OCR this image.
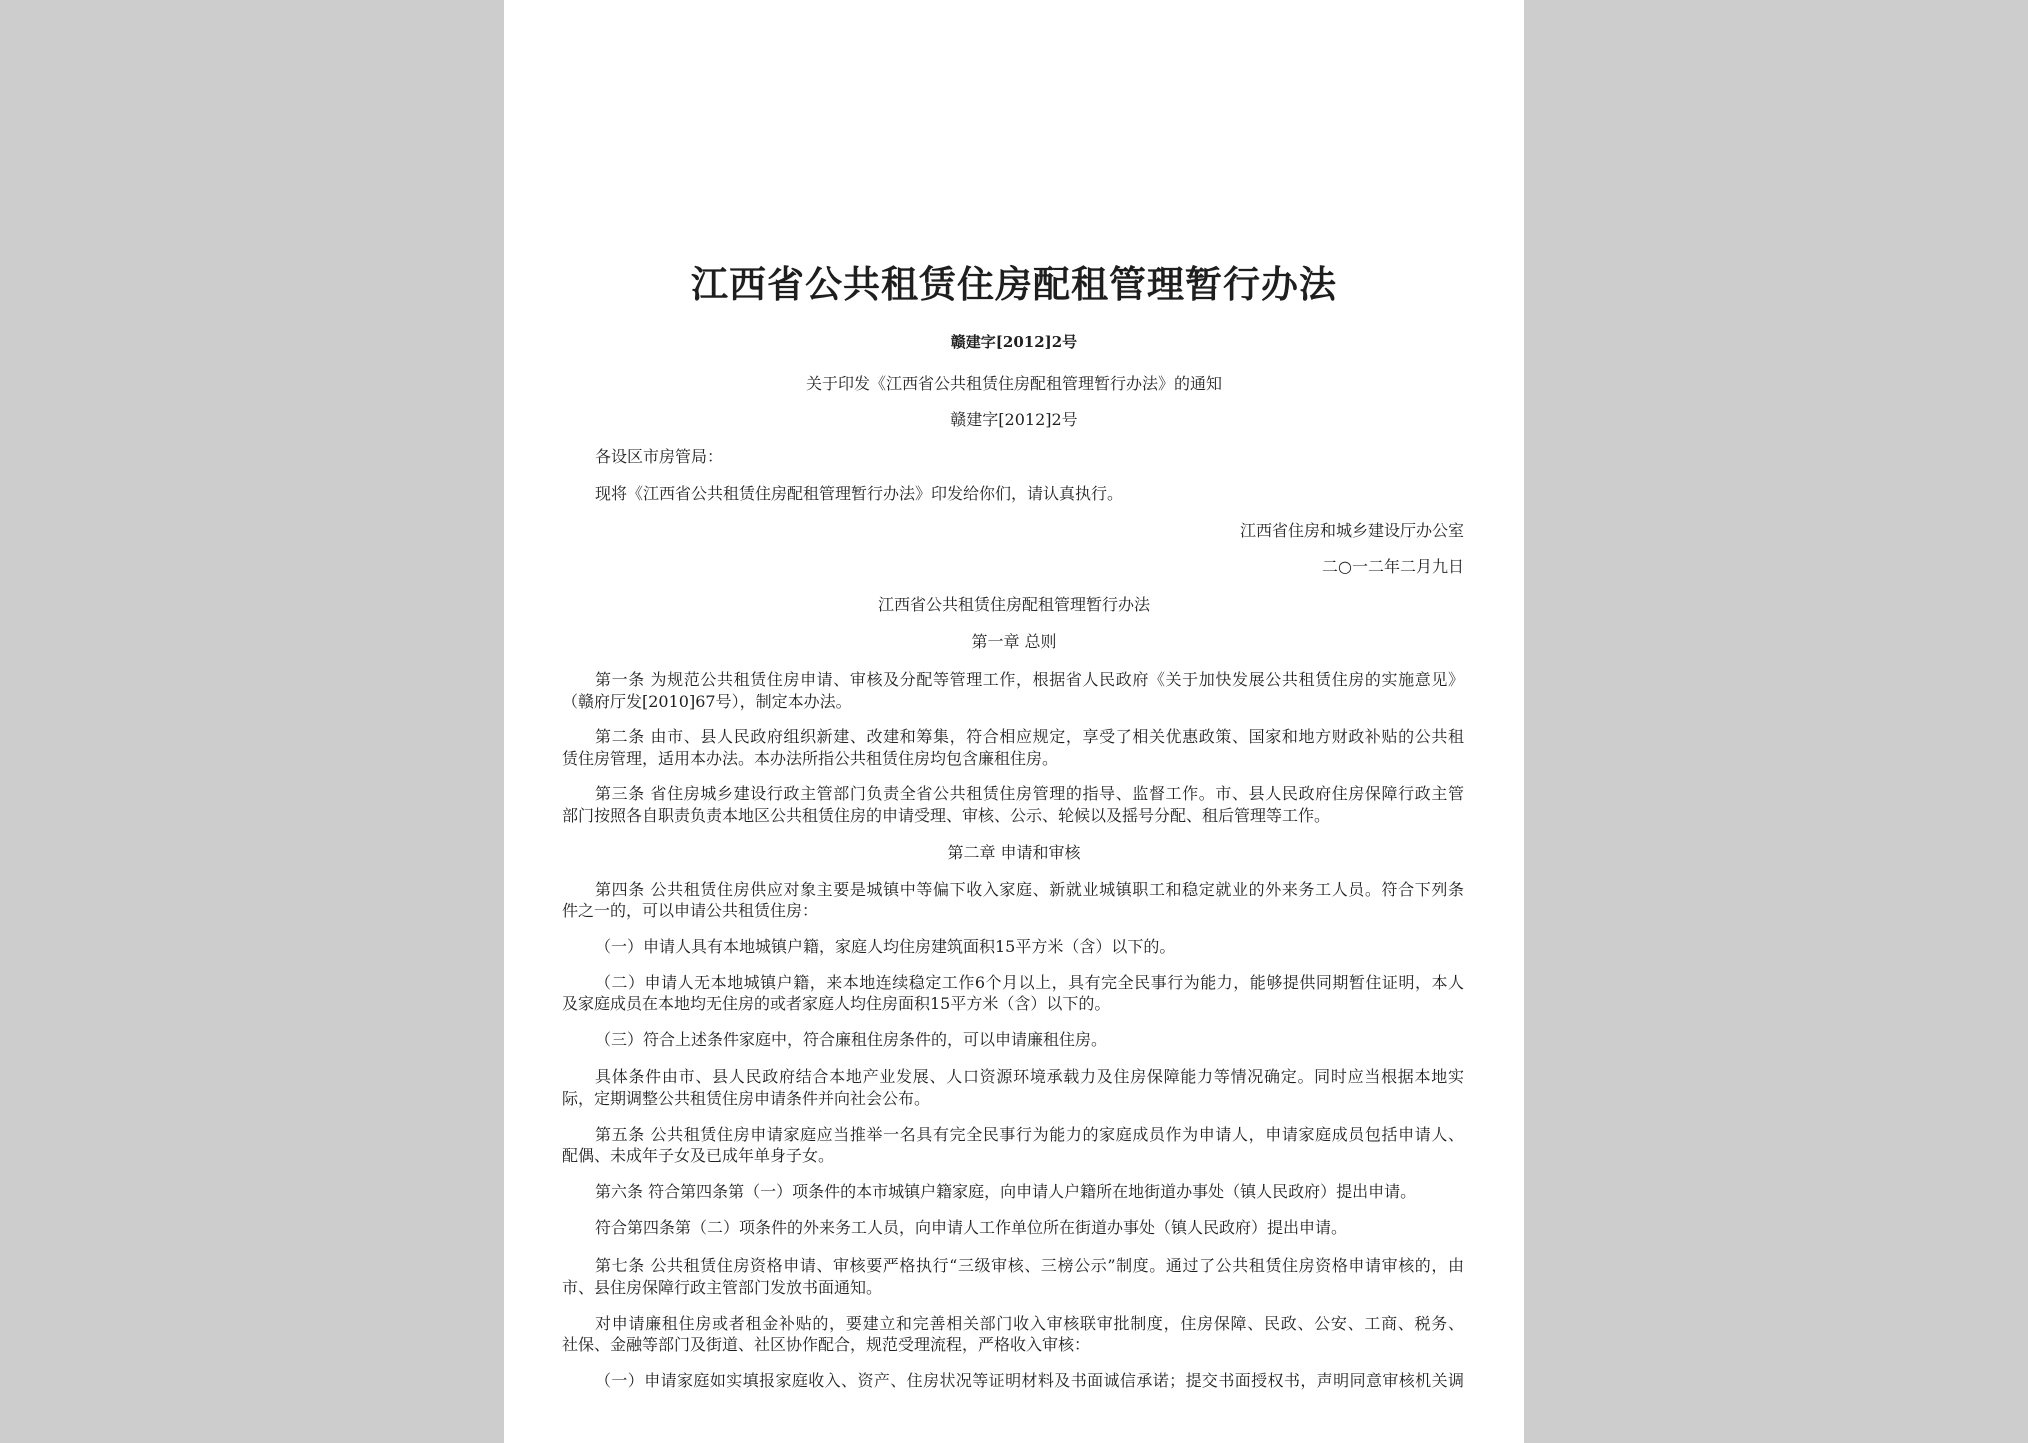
江西省公共租赁住房配租管理暂行办法
赣建字[2012]2号
关于印发《江西省公共租赁住房配租管理暂行办法》的通知
赣建字[2012]2号
各设区市房管局：
现将《江西省公共租赁住房配租管理暂行办法》印发给你们，请认真执行。
江西省住房和城乡建设厅办公室
二○一二年二月九日
江西省公共租赁住房配租管理暂行办法
第一章 总则
第一条 为规范公共租赁住房申请、审核及分配等管理工作，根据省人民政府《关于加快发展公共租赁住房的实施意见》
（赣府厅发[2010]67号），制定本办法。
第二条 由市、县人民政府组织新建、改建和筹集，符合相应规定，享受了相关优惠政策、国家和地方财政补贴的公共租
赁住房管理，适用本办法。本办法所指公共租赁住房均包含廉租住房。
第三条 省住房城乡建设行政主管部门负责全省公共租赁住房管理的指导、监督工作。市、县人民政府住房保障行政主管
部门按照各自职责负责本地区公共租赁住房的申请受理、审核、公示、轮候以及摇号分配、租后管理等工作。
第二章 申请和审核
第四条 公共租赁住房供应对象主要是城镇中等偏下收入家庭、新就业城镇职工和稳定就业的外来务工人员。符合下列条
件之一的，可以申请公共租赁住房：
（一）申请人具有本地城镇户籍，家庭人均住房建筑面积15平方米（含）以下的。
（二）申请人无本地城镇户籍，来本地连续稳定工作6个月以上，具有完全民事行为能力，能够提供同期暂住证明，本人
及家庭成员在本地均无住房的或者家庭人均住房面积15平方米（含）以下的。
（三）符合上述条件家庭中，符合廉租住房条件的，可以申请廉租住房。
具体条件由市、县人民政府结合本地产业发展、人口资源环境承载力及住房保障能力等情况确定。同时应当根据本地实
际，定期调整公共租赁住房申请条件并向社会公布。
第五条 公共租赁住房申请家庭应当推举一名具有完全民事行为能力的家庭成员作为申请人，申请家庭成员包括申请人、
配偶、未成年子女及已成年单身子女。
第六条 符合第四条第（一）项条件的本市城镇户籍家庭，向申请人户籍所在地街道办事处（镇人民政府）提出申请。
符合第四条第（二）项条件的外来务工人员，向申请人工作单位所在街道办事处（镇人民政府）提出申请。
第七条 公共租赁住房资格申请、审核要严格执行“三级审核、三榜公示”制度。通过了公共租赁住房资格申请审核的，由
市、县住房保障行政主管部门发放书面通知。
对申请廉租住房或者租金补贴的，要建立和完善相关部门收入审核联审批制度，住房保障、民政、公安、工商、税务、
社保、金融等部门及街道、社区协作配合，规范受理流程，严格收入审核：
（一）申请家庭如实填报家庭收入、资产、住房状况等证明材料及书面诚信承诺；提交书面授权书，声明同意审核机关调
